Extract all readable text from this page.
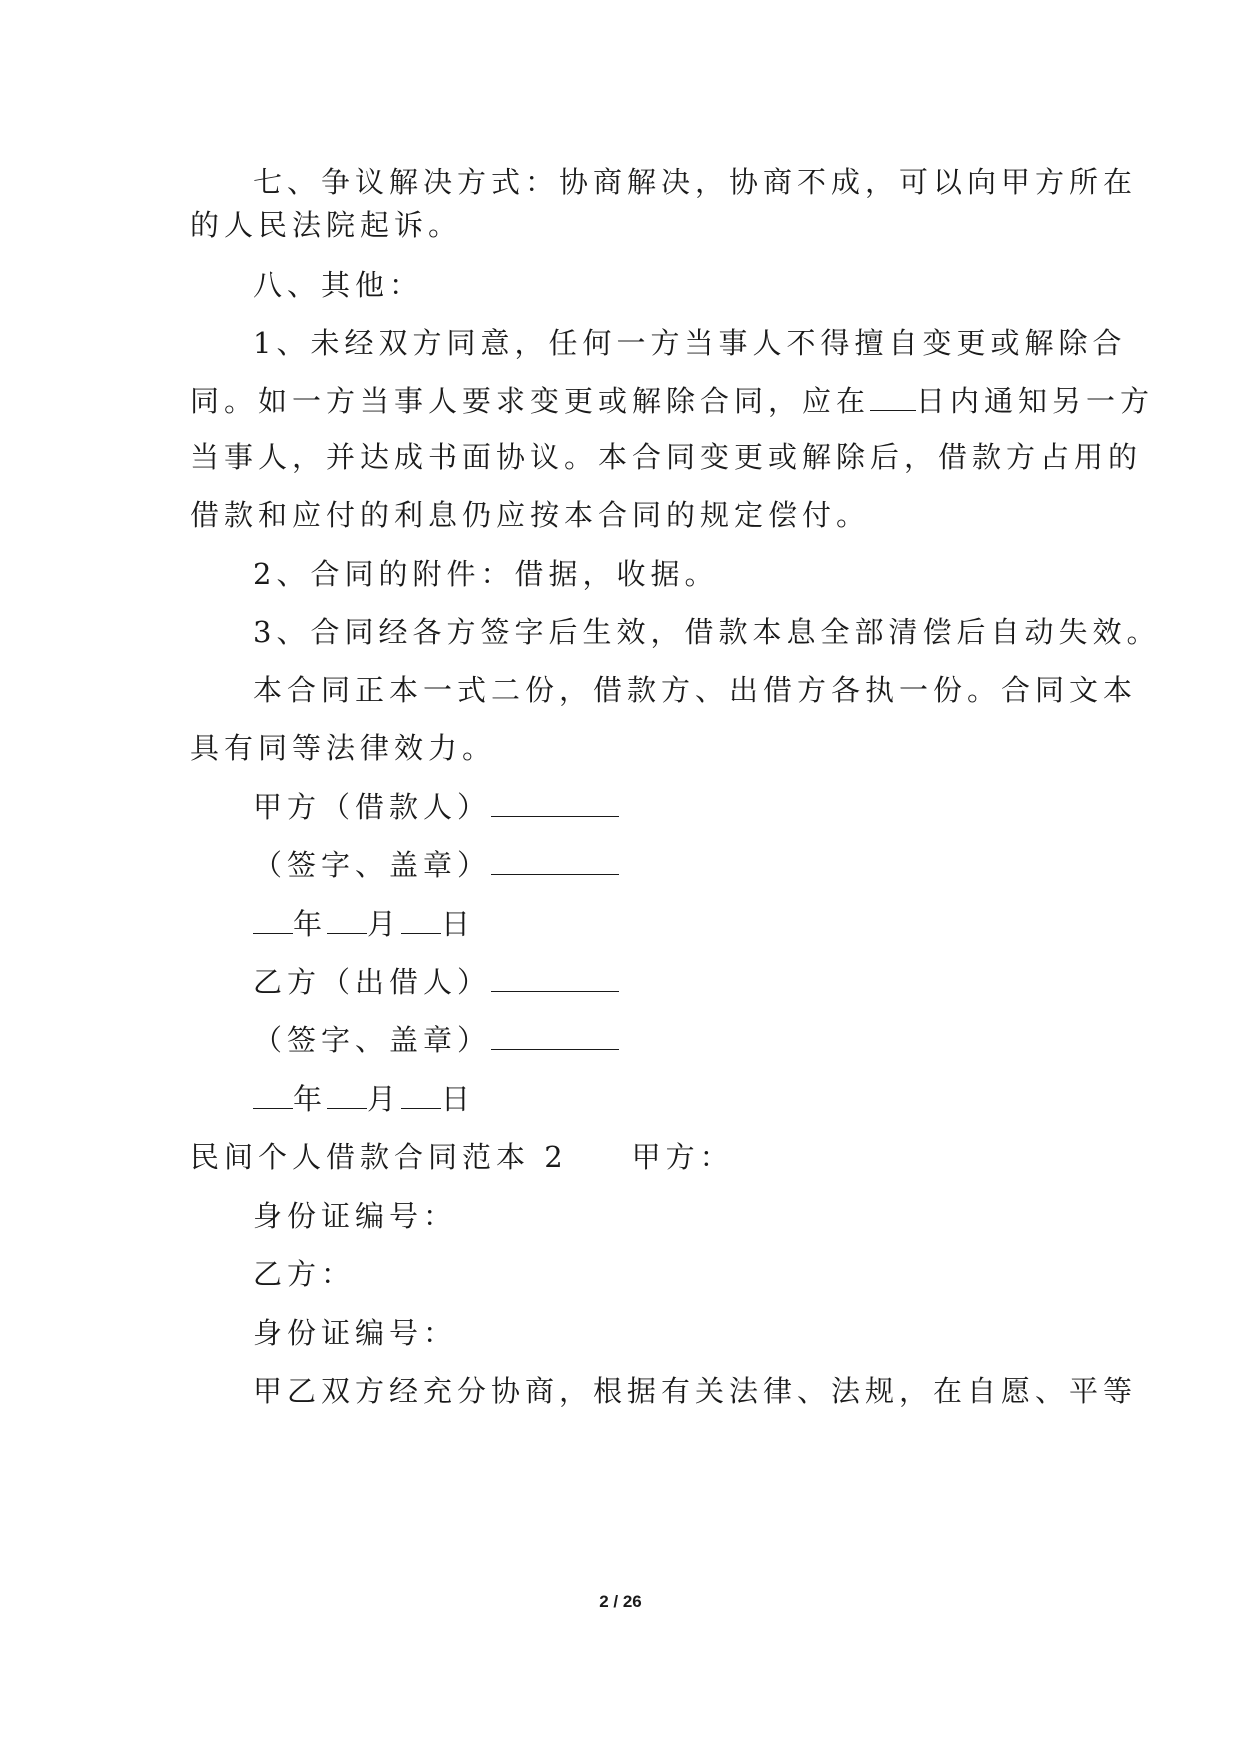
七、争议解决方式：协商解决，协商不成，可以向甲方所在
的人民法院起诉。
八、其他：
1、未经双方同意，任何一方当事人不得擅自变更或解除合
同。如一方当事人要求变更或解除合同，应在 日内通知另一方
当事人，并达成书面协议。本合同变更或解除后，借款方占用的
借款和应付的利息仍应按本合同的规定偿付。
2、合同的附件：借据，收据。
3、合同经各方签字后生效，借款本息全部清偿后自动失效。
本合同正本一式二份，借款方、出借方各执一份。合同文本
具有同等法律效力。
甲方（借款人）
（签字、盖章）
年 月 日
乙方（出借人）
（签字、盖章）
年 月 日
民间个人借款合同范本 2 甲方：
身份证编号：
乙方：
身份证编号：
甲乙双方经充分协商，根据有关法律、法规，在自愿、平等
2 / 26
